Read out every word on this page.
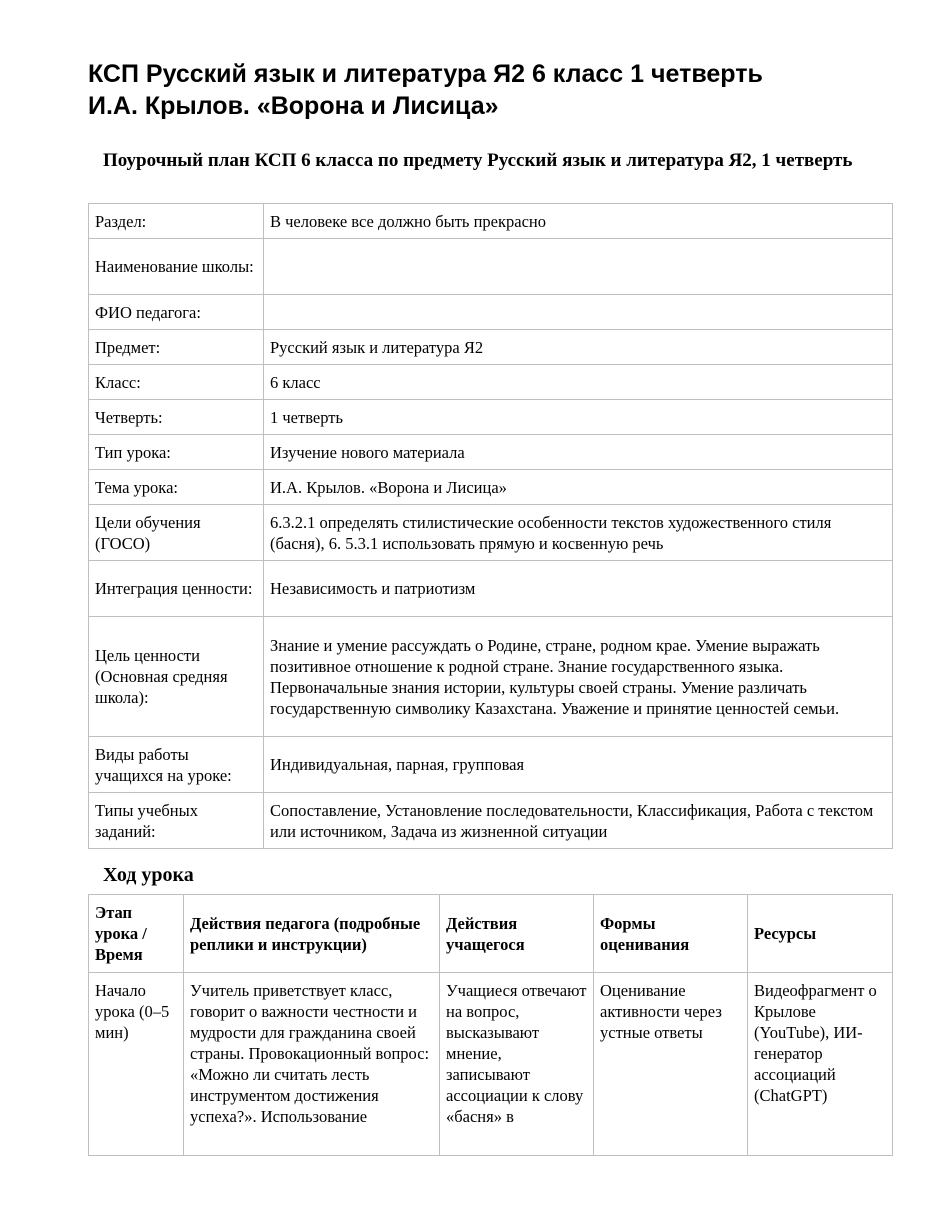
КСП Русский язык и литература Я2 6 класс 1 четверть
И.А. Крылов. «Ворона и Лисица»
Поурочный план КСП 6 класса по предмету Русский язык и литература Я2, 1 четверть
Раздел:	В человеке все должно быть прекрасно
Наименование школы:	
ФИО педагога:	
Предмет:	Русский язык и литература Я2
Класс:	6 класс
Четверть:	1 четверть
Тип урока:	Изучение нового материала
Тема урока:	И.А. Крылов. «Ворона и Лисица»
Цели обучения (ГОСО)	6.3.2.1 определять стилистические особенности текстов художественного стиля (басня), 6. 5.3.1 использовать прямую и косвенную речь
Интеграция ценности:	Независимость и патриотизм
Цель ценности (Основная средняя школа):	Знание и умение рассуждать о Родине, стране, родном крае. Умение выражать позитивное отношение к родной стране. Знание государственного языка. Первоначальные знания истории, культуры своей страны. Умение различать государственную символику Казахстана. Уважение и принятие ценностей семьи.
Виды работы учащихся на уроке:	Индивидуальная, парная, групповая
Типы учебных заданий:	Сопоставление, Установление последовательности, Классификация, Работа с текстом или источником, Задача из жизненной ситуации
Ход урока
Этап урока / Время	Действия педагога (подробные реплики и инструкции)	Действия учащегося	Формы оценивания	Ресурсы

Начало урока (0–5 мин)	Учитель приветствует класс, говорит о важности честности и мудрости для гражданина своей страны. Провокационный вопрос: «Можно ли считать лесть инструментом достижения успеха?». Использование	Учащиеся отвечают на вопрос, высказывают мнение, записывают ассоциации к слову «басня» в	Оценивание активности через устные ответы	Видеофрагмент о Крылове (YouTube), ИИ-генератор ассоциаций (ChatGPT)
